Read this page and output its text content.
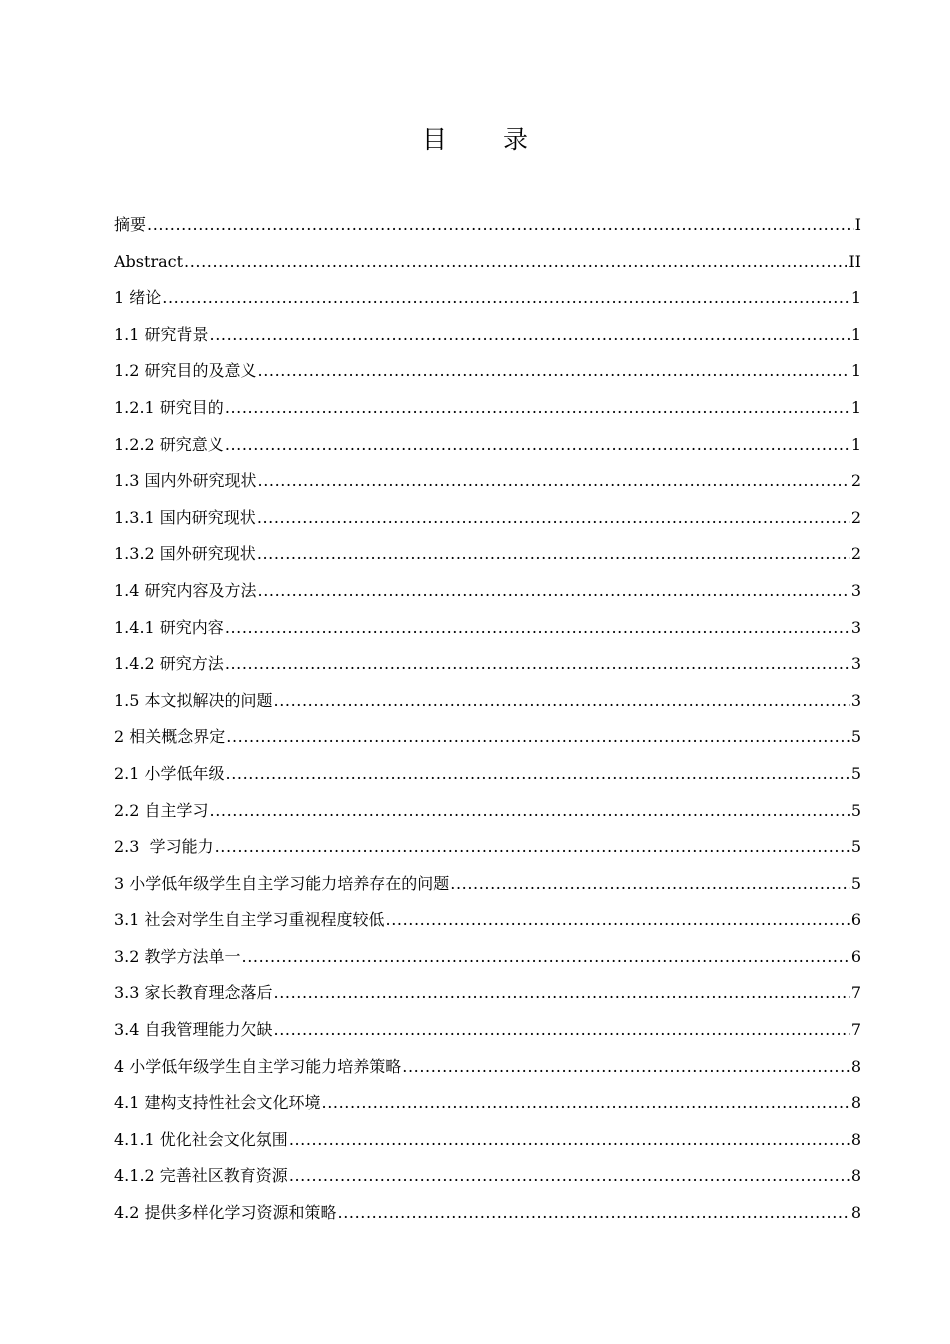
目 录
摘要 .....	I
Abstract .....	II
1 绪论 .....	1
1.1 研究背景 .....	1
1.2 研究目的及意义 .....	1
1.2.1 研究目的 .....	1
1.2.2 研究意义 .....	1
1.3 国内外研究现状 .....	2
1.3.1 国内研究现状 .....	2
1.3.2 国外研究现状 .....	2
1.4 研究内容及方法 .....	3
1.4.1 研究内容 .....	3
1.4.2 研究方法 .....	3
1.5 本文拟解决的问题 .....	3
2 相关概念界定 .....	5
2.1 小学低年级 .....	5
2.2 自主学习 .....	5
2.3  学习能力 .....	5
3 小学低年级学生自主学习能力培养存在的问题 .....	5
3.1 社会对学生自主学习重视程度较低 .....	6
3.2 教学方法单一 .....	6
3.3 家长教育理念落后 .....	7
3.4 自我管理能力欠缺 .....	7
4 小学低年级学生自主学习能力培养策略 .....	8
4.1 建构支持性社会文化环境 .....	8
4.1.1 优化社会文化氛围 .....	8
4.1.2 完善社区教育资源 .....	8
4.2 提供多样化学习资源和策略 .....	8
